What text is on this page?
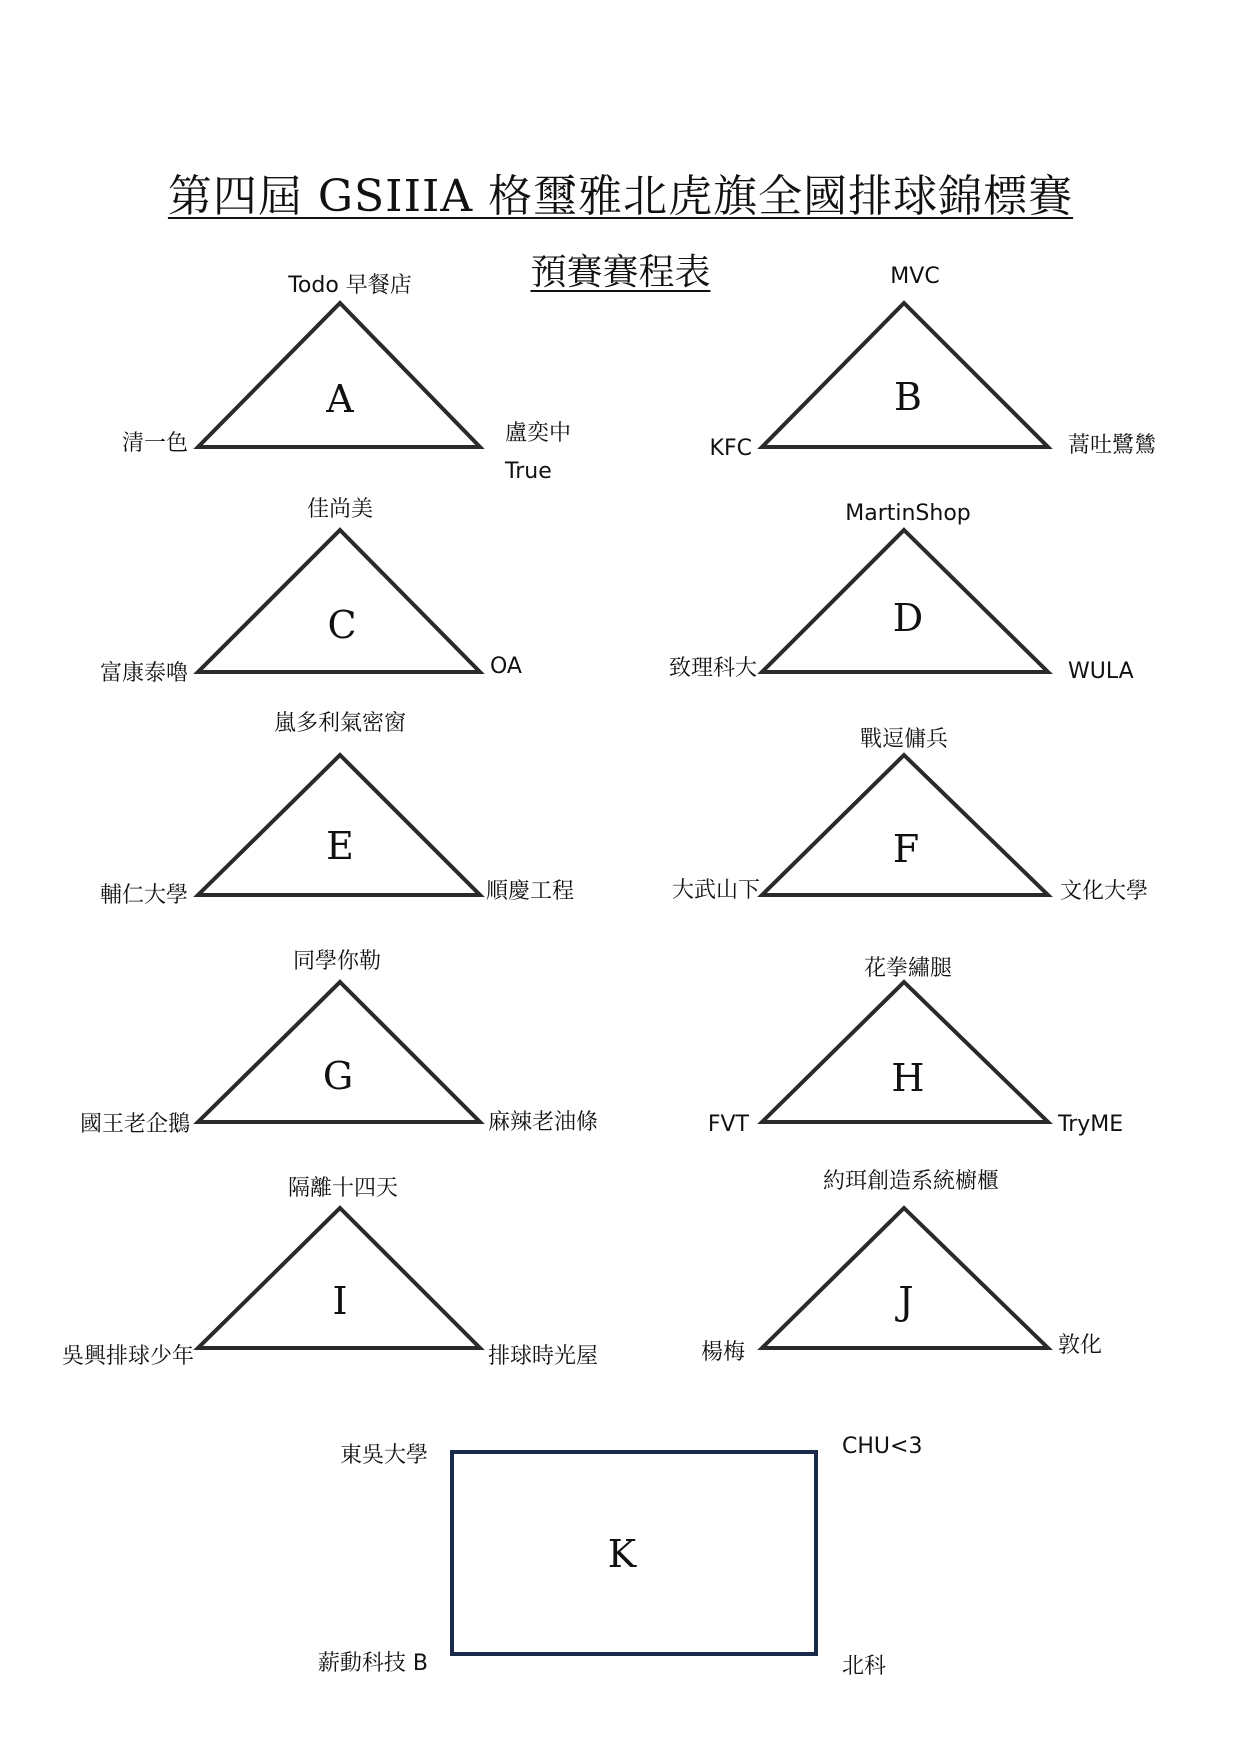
第四屆 GSIIIA 格璽雅北虎旗全國排球錦標賽
預賽賽程表
A
Todo 早餐店
清一色	盧奕中
True
B
MVC
KFC	蒿吐鷺鷥
C
佳尚美
富康泰嚕	OA
D
MartinShop
致理科大	WULA
E
嵐多利氣密窗
輔仁大學	順慶工程
F
戰逗傭兵
大武山下	文化大學
G
同學你勒
國王老企鵝	麻辣老油條
H
花拳繡腿
FVT	TryME
I
隔離十四天
吳興排球少年	排球時光屋
J
約珥創造系統櫥櫃
楊梅	敦化
K
東吳大學	CHU<3
薪動科技 B	北科
